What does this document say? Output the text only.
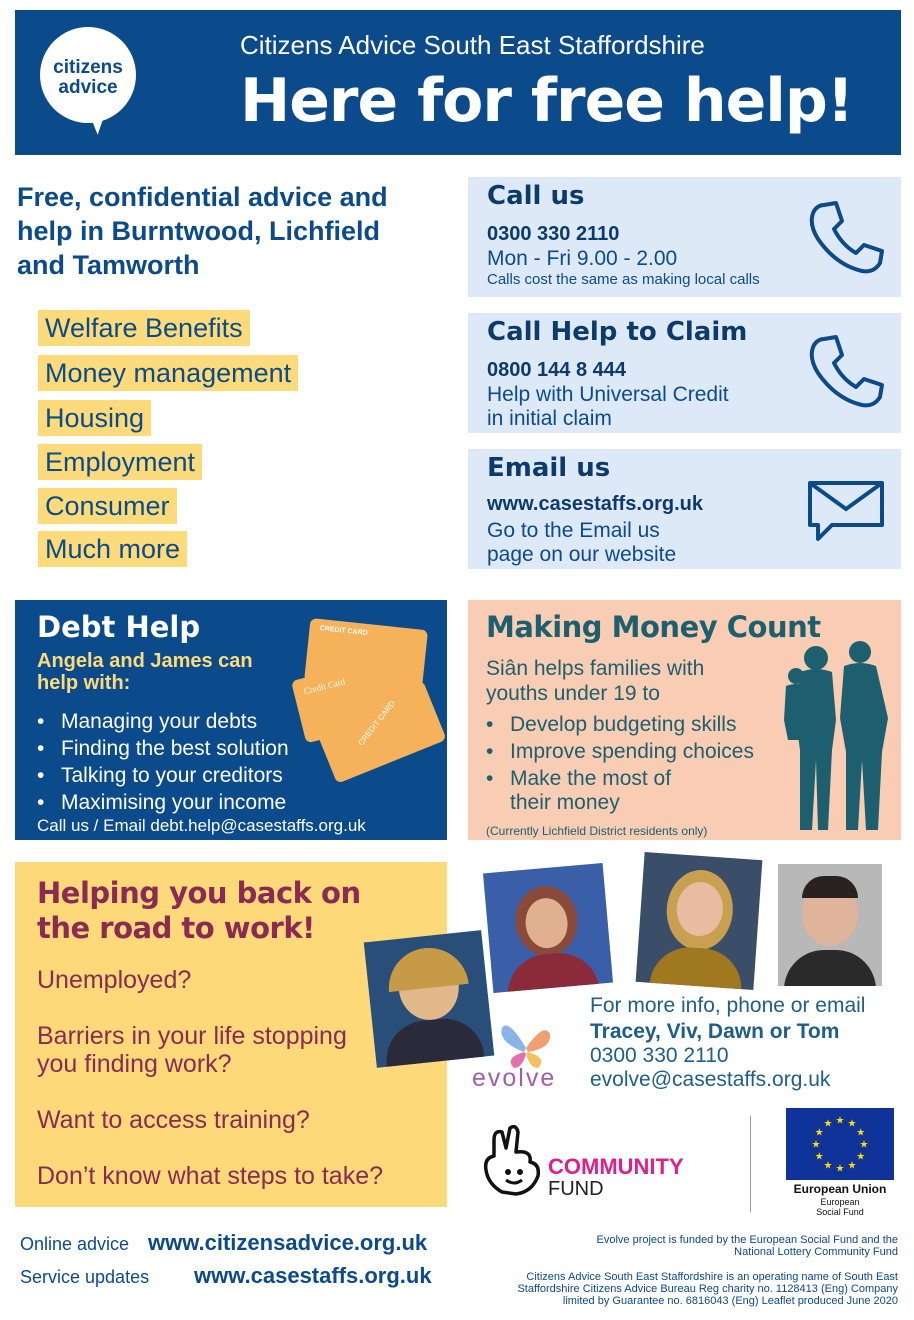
citizens advice
Citizens Advice South East Staffordshire
Here for free help!
Free, confidential advice and help in Burntwood, Lichfield and Tamworth
Welfare Benefits
Money management
Housing
Employment
Consumer
Much more
Call us
0300 330 2110
Mon - Fri 9.00 - 2.00
Calls cost the same as making local calls
Call Help to Claim
0800 144 8 444
Help with Universal Credit
in initial claim
Email us
www.casestaffs.org.uk
Go to the Email us
page on our website
Debt Help
Angela and James can help with:
CREDIT CARD
Credit Card
CREDIT CARD
• Managing your debts
• Finding the best solution
• Talking to your creditors
• Maximising your income
Call us / Email debt.help@casestaffs.org.uk
Making Money Count
Siân helps families with youths under 19 to
• Develop budgeting skills
• Improve spending choices
• Make the most of their money
(Currently Lichfield District residents only)
Helping you back on the road to work!
Unemployed?
Barriers in your life stopping you finding work?
Want to access training?
Don’t know what steps to take?
evolve
For more info, phone or email
Tracey, Viv, Dawn or Tom
0300 330 2110
evolve@casestaffs.org.uk
COMMUNITY
FUND
★ ★
★
★
★
★
★
★
★
★
★
★
European Union
European
Social Fund
Online advice www.citizensadvice.org.uk
Service updates www.casestaffs.org.uk
Evolve project is funded by the European Social Fund and the National Lottery Community Fund
Citizens Advice South East Staffordshire is an operating name of South East Staffordshire Citizens Advice Bureau Reg charity no. 1128413 (Eng) Company limited by Guarantee no. 6816043 (Eng) Leaflet produced June 2020
